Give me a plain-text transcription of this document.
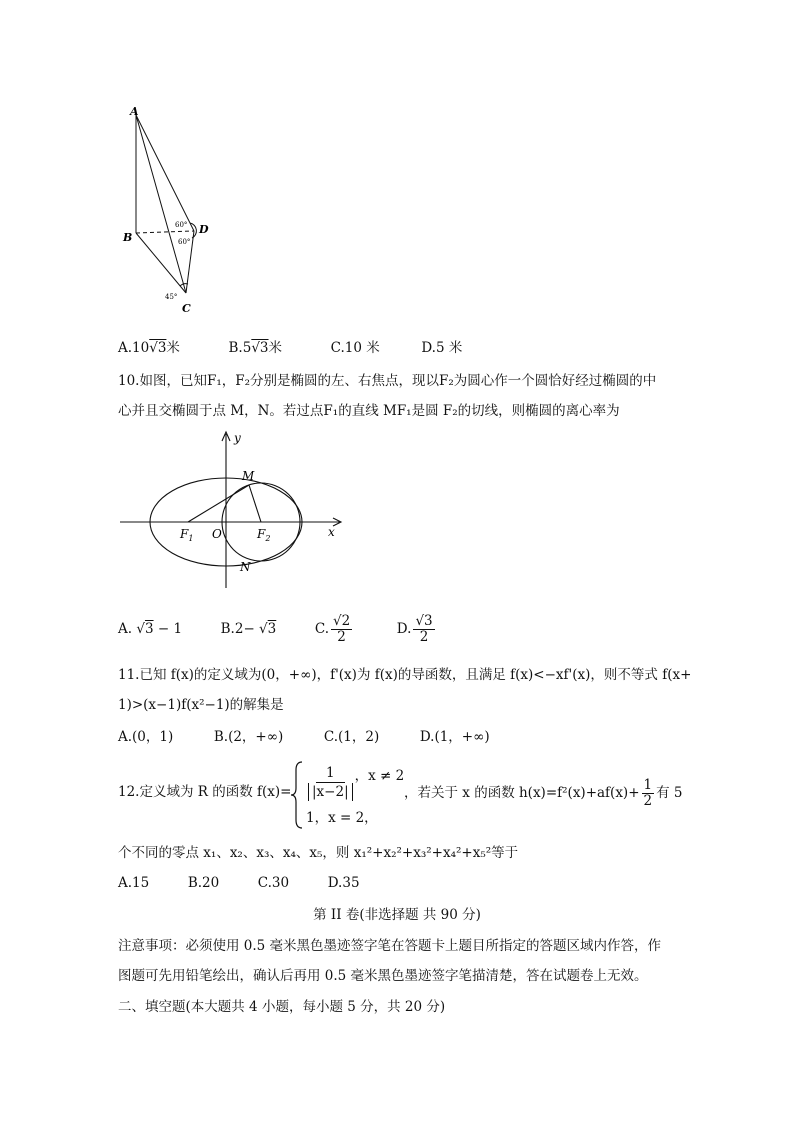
A
B
C
D
60°
60°
45°
A.10√3米	B.5√3米	C.10 米	D.5 米
10.如图，已知F₁，F₂分别是椭圆的左、右焦点，现以F₂为圆心作一个圆恰好经过椭圆的中
心并且交椭圆于点 M，N。若过点F₁的直线 MF₁是圆 F₂的切线，则椭圆的离心率为
y
x
M
N
O
$F_1$	$F_2$
A. √3 − 1	B.2− √3	C. $\frac{√2}{2}$	D. $\frac{√3}{2}$
11.已知 f(x)的定义域为(0，+∞)，f'(x)为 f(x)的导函数，且满足 f(x)<−xf'(x)，则不等式 f(x+
1)>(x−1)f(x²−1)的解集是
A.(0，1)	B.(2，+∞)	C.(1，2)	D.(1，+∞)
12.定义域为 R 的函数 $f(x)= \frac{1}{|x-2|}$ ，x ≠ 2
1，x = 2，
，若关于 x 的函数 $h(x)=f^2(x)+af(x)+ \frac{1}{2}$ 有 5
个不同的零点 x₁、x₂、x₃、x₄、x₅，则 x₁²+x₂²+x₃²+x₄²+x₅²等于
A.15	B.20	C.30	D.35
第 II 卷(非选择题 共 90 分)
注意事项：必须使用 0.5 毫米黑色墨迹签字笔在答题卡上题目所指定的答题区域内作答，作
图题可先用铅笔绘出，确认后再用 0.5 毫米黑色墨迹签字笔描清楚，答在试题卷上无效。
二、填空题(本大题共 4 小题，每小题 5 分，共 20 分)
